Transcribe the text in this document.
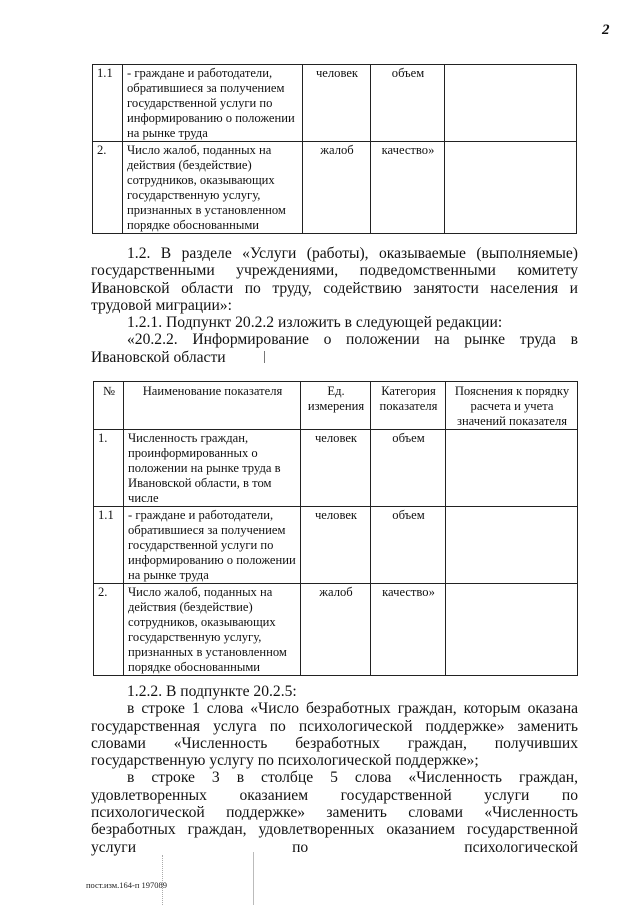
2
1.1	- граждане и работодатели, обратившиеся за получением государственной услуги по информированию о положении на рынке труда	человек	объем	
2.	Число жалоб, поданных на действия (бездействие) сотрудников, оказывающих государственную услугу, признанных в установленном порядке обоснованными	жалоб	качество»	

1.2. В разделе «Услуги (работы), оказываемые (выполняемые) государственными учреждениями, подведомственными комитету Ивановской области по труду, содействию занятости населения и трудовой миграции»:

1.2.1. Подпункт 20.2.2 изложить в следующей редакции:

«20.2.2. Информирование о положении на рынке труда в Ивановской области

№	Наименование показателя	Ед. измерения	Категория показателя	Пояснения к порядку расчета и учета значений показателя
1.	Численность граждан, проинформированных о положении на рынке труда в Ивановской области, в том числе	человек	объем	
1.1	- граждане и работодатели, обратившиеся за получением государственной услуги по информированию о положении на рынке труда	человек	объем	
2.	Число жалоб, поданных на действия (бездействие) сотрудников, оказывающих государственную услугу, признанных в установленном порядке обоснованными	жалоб	качество»	

1.2.2. В подпункте 20.2.5:

в строке 1 слова «Число безработных граждан, которым оказана государственная услуга по психологической поддержке» заменить словами «Численность безработных граждан, получивших государственную услугу по психологической поддержке»;

в строке 3 в столбце 5 слова «Численность граждан, удовлетворенных оказанием государственной услуги по психологической поддержке» заменить словами «Численность безработных граждан, удовлетворенных оказанием государственной услуги по психологической

пост.изм.164-п 197089
